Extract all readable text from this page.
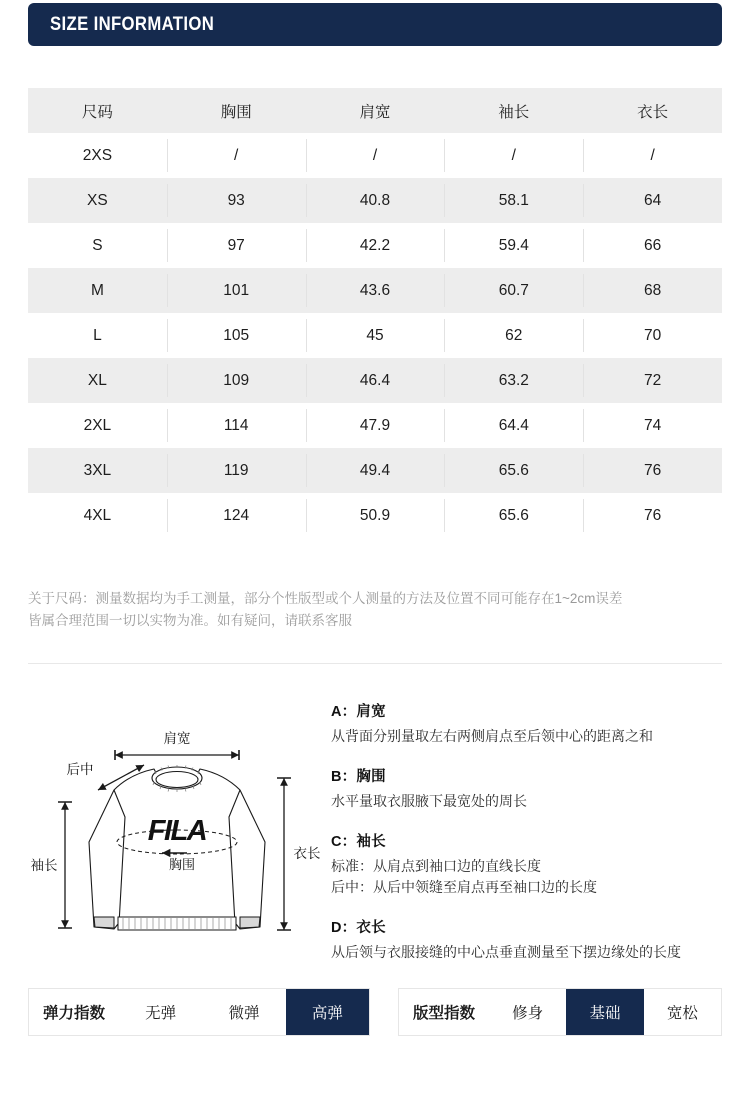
SIZE INFORMATION
尺码	胸围	肩宽	袖长	衣长
2XS	/	/	/	/
XS	93	40.8	58.1	64
S	97	42.2	59.4	66
M	101	43.6	60.7	68
L	105	45	62	70
XL	109	46.4	63.2	72
2XL	114	47.9	64.4	74
3XL	119	49.4	65.6	76
4XL	124	50.9	65.6	76
关于尺码：测量数据均为手工测量，部分个性版型或个人测量的方法及位置不同可能存在1~2cm误差
皆属合理范围一切以实物为准。如有疑问，请联系客服
FILA
胸围
肩宽
后中
袖长
衣长
A：肩宽
从背面分别量取左右两侧肩点至后领中心的距离之和
B：胸围
水平量取衣服腋下最宽处的周长
C：袖长
标准：从肩点到袖口边的直线长度
后中：从后中领缝至肩点再至袖口边的长度
D：衣长
从后领与衣服接缝的中心点垂直测量至下摆边缘处的长度
弹力指数	无弹	微弹	高弹	版型指数	修身	基础	宽松
